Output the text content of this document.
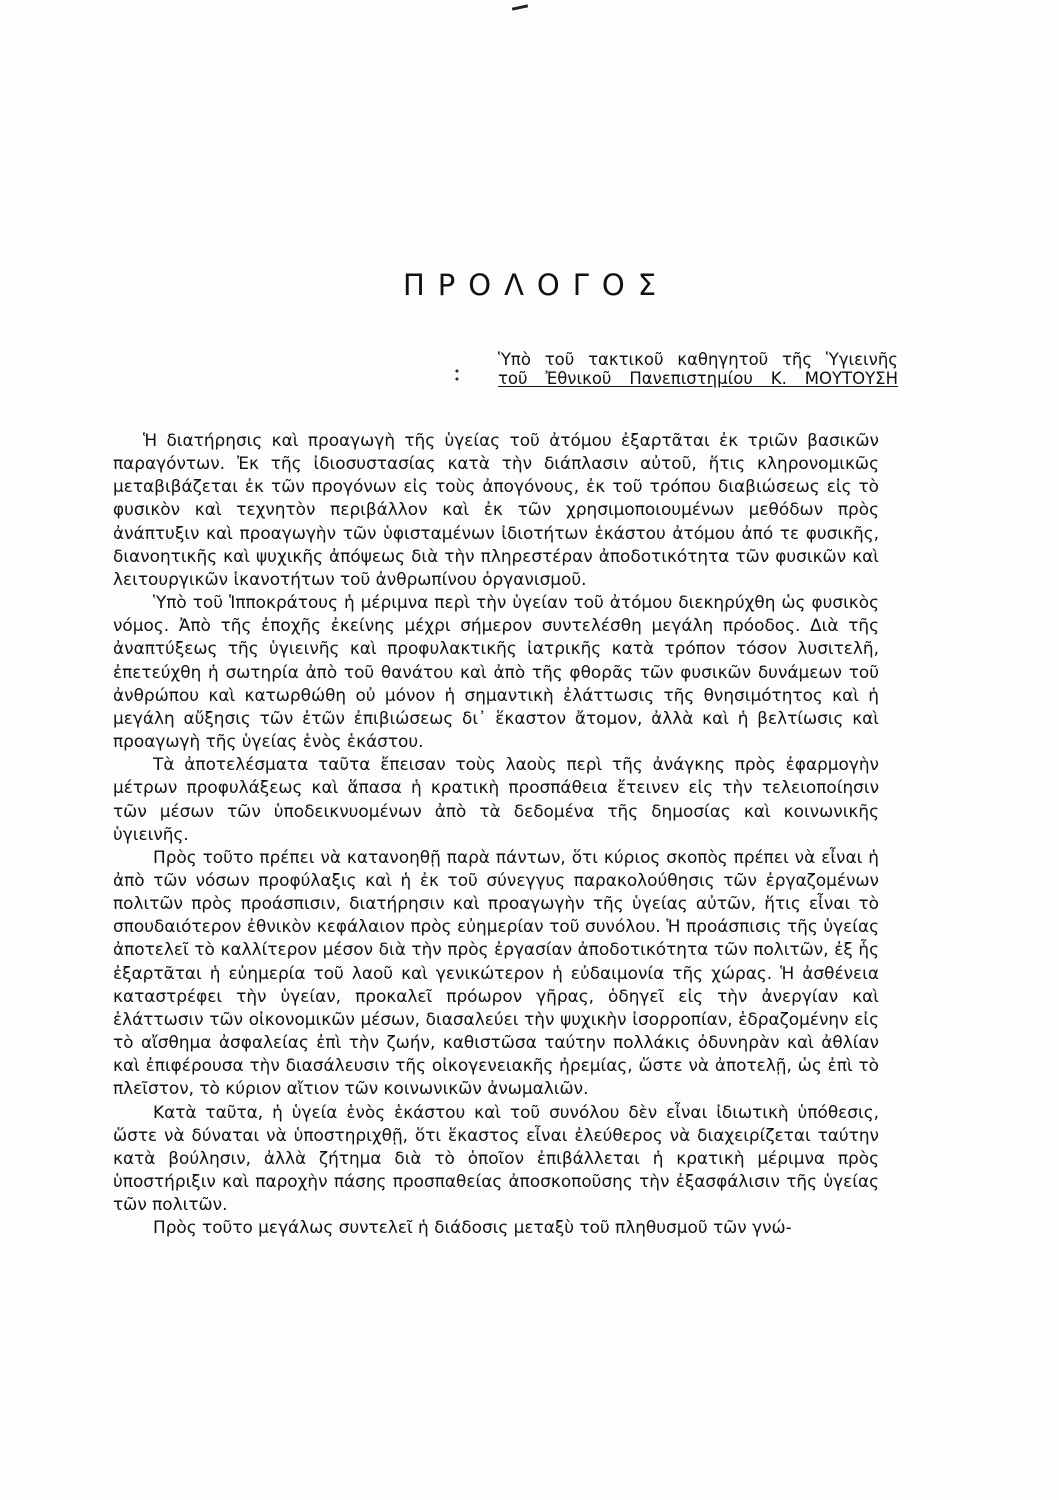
ΠΡΟΛΟΓΟΣ
Ὑπὸ τοῦ τακτικοῦ καθηγητοῦ τῆς Ὑγιεινῆς
τοῦ Ἐθνικοῦ Πανεπιστημίου Κ. ΜΟΥΤΟΥΣΗ

Ἡ διατήρησις καὶ προαγωγὴ τῆς ὑγείας τοῦ ἀτόμου ἐξαρτᾶται ἐκ τριῶν βασικῶν παραγόντων. Ἐκ τῆς ἰδιοσυστασίας κατὰ τὴν διάπλασιν αὐτοῦ, ἥτις κληρονομικῶς μεταβιβάζεται ἐκ τῶν προγόνων εἰς τοὺς ἀπογόνους, ἐκ τοῦ τρόπου διαβιώσεως εἰς τὸ φυσικὸν καὶ τεχνητὸν περιβάλλον καὶ ἐκ τῶν χρησιμοποιουμένων μεθόδων πρὸς ἀνάπτυξιν καὶ προαγωγὴν τῶν ὑφισταμένων ἰδιοτήτων ἑκάστου ἀτόμου ἀπό τε φυσικῆς, διανοητικῆς καὶ ψυχικῆς ἀπόψεως διὰ τὴν πληρεστέραν ἀποδοτικότητα τῶν φυσικῶν καὶ λειτουργικῶν ἱκανοτήτων τοῦ ἀνθρωπίνου ὀργανισμοῦ.

Ὑπὸ τοῦ Ἱπποκράτους ἡ μέριμνα περὶ τὴν ὑγείαν τοῦ ἀτόμου διεκηρύχθη ὡς φυσικὸς νόμος. Ἀπὸ τῆς ἐποχῆς ἐκείνης μέχρι σήμερον συντελέσθη μεγάλη πρόοδος. Διὰ τῆς ἀναπτύξεως τῆς ὑγιεινῆς καὶ προφυλακτικῆς ἰατρικῆς κατὰ τρόπον τόσον λυσιτελῆ, ἐπετεύχθη ἡ σωτηρία ἀπὸ τοῦ θανάτου καὶ ἀπὸ τῆς φθορᾶς τῶν φυσικῶν δυνάμεων τοῦ ἀνθρώπου καὶ κατωρθώθη οὐ μόνον ἡ σημαντικὴ ἐλάττωσις τῆς θνησιμότητος καὶ ἡ μεγάλη αὔξησις τῶν ἐτῶν ἐπιβιώσεως δι᾽ ἕκαστον ἄτομον, ἀλλὰ καὶ ἡ βελτίωσις καὶ προαγωγὴ τῆς ὑγείας ἑνὸς ἑκάστου.

Τὰ ἀποτελέσματα ταῦτα ἔπεισαν τοὺς λαοὺς περὶ τῆς ἀνάγκης πρὸς ἐφαρμογὴν μέτρων προφυλάξεως καὶ ἅπασα ἡ κρατικὴ προσπάθεια ἔτεινεν εἰς τὴν τελειοποίησιν τῶν μέσων τῶν ὑποδεικνυομένων ἀπὸ τὰ δεδομένα τῆς δημοσίας καὶ κοινωνικῆς ὑγιεινῆς.

Πρὸς τοῦτο πρέπει νὰ κατανοηθῇ παρὰ πάντων, ὅτι κύριος σκοπὸς πρέπει νὰ εἶναι ἡ ἀπὸ τῶν νόσων προφύλαξις καὶ ἡ ἐκ τοῦ σύνεγγυς παρακολούθησις τῶν ἐργαζομένων πολιτῶν πρὸς προάσπισιν, διατήρησιν καὶ προαγωγὴν τῆς ὑγείας αὐτῶν, ἥτις εἶναι τὸ σπουδαιότερον ἐθνικὸν κεφάλαιον πρὸς εὐημερίαν τοῦ συνόλου. Ἡ προάσπισις τῆς ὑγείας ἀποτελεῖ τὸ καλλίτερον μέσον διὰ τὴν πρὸς ἐργασίαν ἀποδοτικότητα τῶν πολιτῶν, ἐξ ἧς ἐξαρτᾶται ἡ εὐημερία τοῦ λαοῦ καὶ γενικώτερον ἡ εὐδαιμονία τῆς χώρας. Ἡ ἀσθένεια καταστρέφει τὴν ὑγείαν, προκαλεῖ πρόωρον γῆρας, ὁδηγεῖ εἰς τὴν ἀνεργίαν καὶ ἐλάττωσιν τῶν οἰκονομικῶν μέσων, διασαλεύει τὴν ψυχικὴν ἰσορροπίαν, ἑδραζομένην εἰς τὸ αἴσθημα ἀσφαλείας ἐπὶ τὴν ζωήν, καθιστῶσα ταύτην πολλάκις ὀδυνηρὰν καὶ ἀθλίαν καὶ ἐπιφέρουσα τὴν διασάλευσιν τῆς οἰκογενειακῆς ἠρεμίας, ὥστε νὰ ἀποτελῇ, ὡς ἐπὶ τὸ πλεῖστον, τὸ κύριον αἴτιον τῶν κοινωνικῶν ἀνωμαλιῶν.

Κατὰ ταῦτα, ἡ ὑγεία ἑνὸς ἑκάστου καὶ τοῦ συνόλου δὲν εἶναι ἰδιωτικὴ ὑπόθεσις, ὥστε νὰ δύναται νὰ ὑποστηριχθῇ, ὅτι ἕκαστος εἶναι ἐλεύθερος νὰ διαχειρίζεται ταύτην κατὰ βούλησιν, ἀλλὰ ζήτημα διὰ τὸ ὁποῖον ἐπιβάλλεται ἡ κρατικὴ μέριμνα πρὸς ὑποστήριξιν καὶ παροχὴν πάσης προσπαθείας ἀποσκοποῦσης τὴν ἐξασφάλισιν τῆς ὑγείας τῶν πολιτῶν.

Πρὸς τοῦτο μεγάλως συντελεῖ ἡ διάδοσις μεταξὺ τοῦ πληθυσμοῦ τῶν γνώ-
